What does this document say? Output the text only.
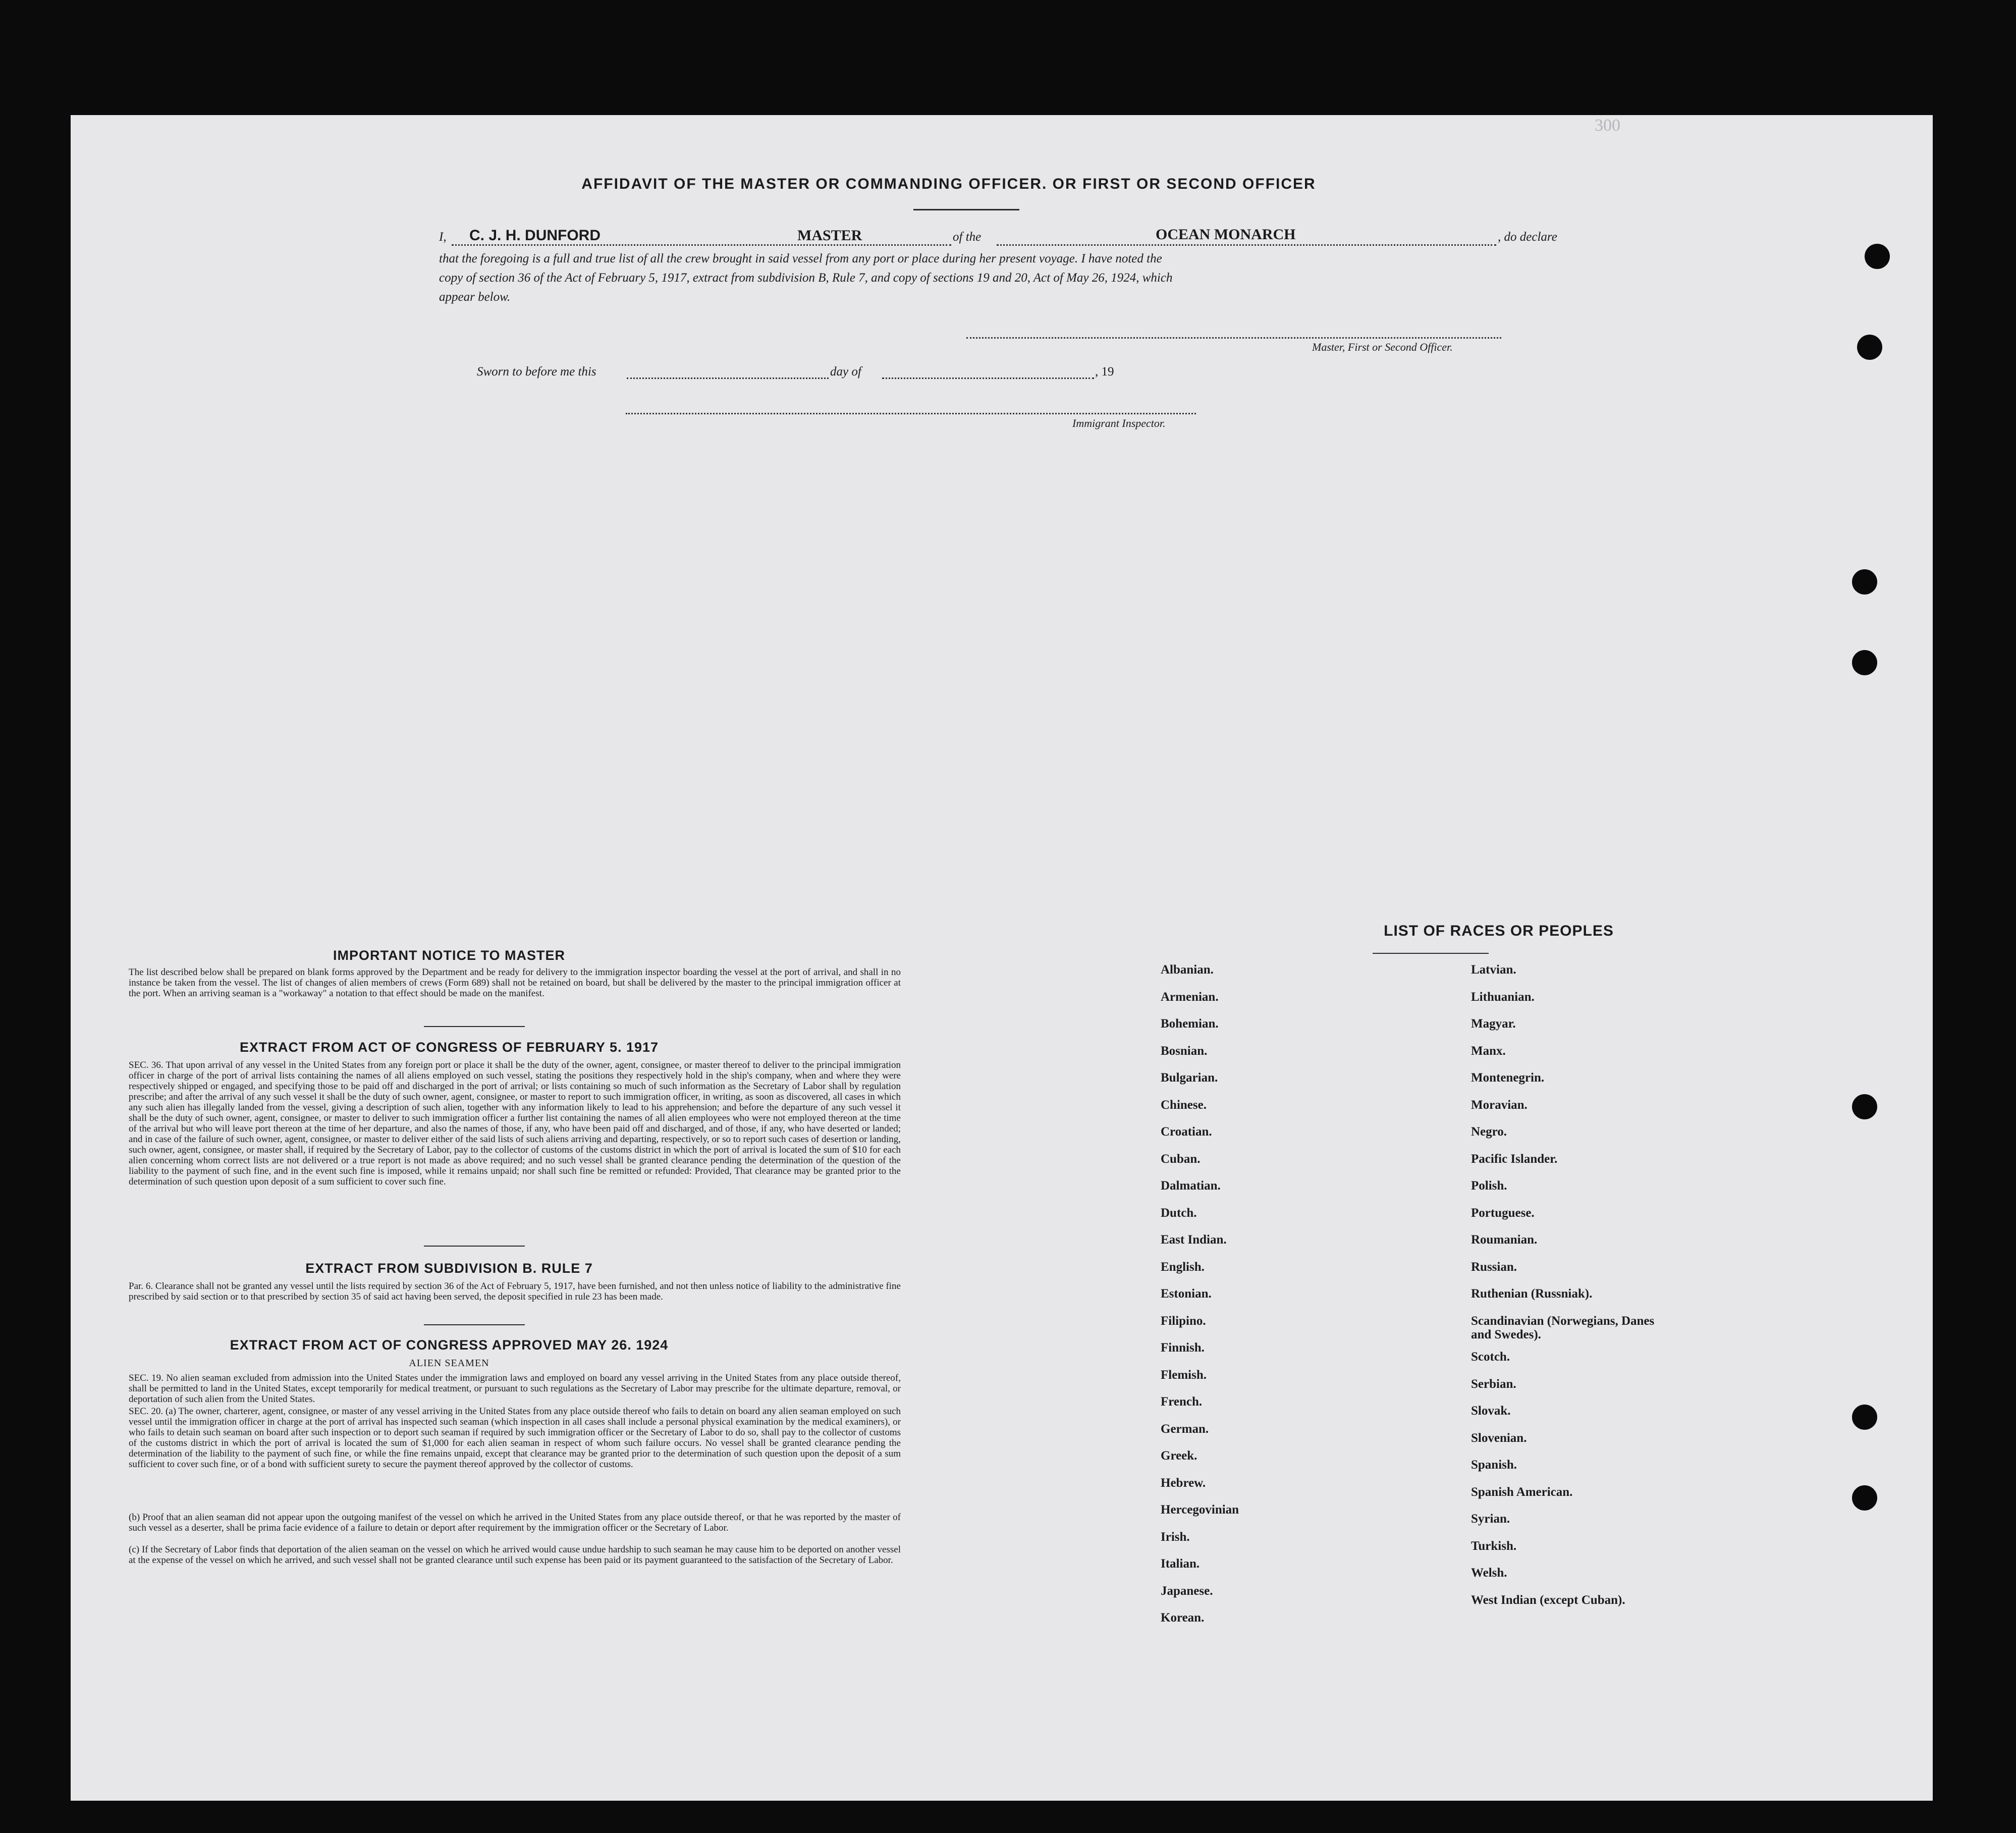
300
AFFIDAVIT OF THE MASTER OR COMMANDING OFFICER. OR FIRST OR SECOND OFFICER
I, C. J. H. DUNFORD	MASTER	of the	OCEAN MONARCH	, do declare
that the foregoing is a full and true list of all the crew brought in said vessel from any port or place during her present voyage. I have noted the
copy of section 36 of the Act of February 5, 1917, extract from subdivision B, Rule 7, and copy of sections 19 and 20, Act of May 26, 1924, which
appear below.
Master, First or Second Officer.
Sworn to before me this	day of	, 19
Immigrant Inspector.
IMPORTANT NOTICE TO MASTER
The list described below shall be prepared on blank forms approved by the Department and be ready for delivery to the immigration inspector boarding the vessel at the port of arrival, and shall in no instance be taken from the vessel. The list of changes of alien members of crews (Form 689) shall not be retained on board, but shall be delivered by the master to the principal immigration officer at the port. When an arriving seaman is a "workaway" a notation to that effect should be made on the manifest.
EXTRACT FROM ACT OF CONGRESS OF FEBRUARY 5. 1917
SEC. 36. That upon arrival of any vessel in the United States from any foreign port or place it shall be the duty of the owner, agent, consignee, or master thereof to deliver to the principal immigration officer in charge of the port of arrival lists containing the names of all aliens employed on such vessel, stating the positions they respectively hold in the ship's company, when and where they were respectively shipped or engaged, and specifying those to be paid off and discharged in the port of arrival; or lists containing so much of such information as the Secretary of Labor shall by regulation prescribe; and after the arrival of any such vessel it shall be the duty of such owner, agent, consignee, or master to report to such immigration officer, in writing, as soon as discovered, all cases in which any such alien has illegally landed from the vessel, giving a description of such alien, together with any information likely to lead to his apprehension; and before the departure of any such vessel it shall be the duty of such owner, agent, consignee, or master to deliver to such immigration officer a further list containing the names of all alien employees who were not employed thereon at the time of the arrival but who will leave port thereon at the time of her departure, and also the names of those, if any, who have been paid off and discharged, and of those, if any, who have deserted or landed; and in case of the failure of such owner, agent, consignee, or master to deliver either of the said lists of such aliens arriving and departing, respectively, or so to report such cases of desertion or landing, such owner, agent, consignee, or master shall, if required by the Secretary of Labor, pay to the collector of customs of the customs district in which the port of arrival is located the sum of $10 for each alien concerning whom correct lists are not delivered or a true report is not made as above required; and no such vessel shall be granted clearance pending the determination of the question of the liability to the payment of such fine, and in the event such fine is imposed, while it remains unpaid; nor shall such fine be remitted or refunded: Provided, That clearance may be granted prior to the determination of such question upon deposit of a sum sufficient to cover such fine.
EXTRACT FROM SUBDIVISION B. RULE 7
Par. 6. Clearance shall not be granted any vessel until the lists required by section 36 of the Act of February 5, 1917, have been furnished, and not then unless notice of liability to the administrative fine prescribed by said section or to that prescribed by section 35 of said act having been served, the deposit specified in rule 23 has been made.
EXTRACT FROM ACT OF CONGRESS APPROVED MAY 26. 1924
ALIEN SEAMEN
SEC. 19. No alien seaman excluded from admission into the United States under the immigration laws and employed on board any vessel arriving in the United States from any place outside thereof, shall be permitted to land in the United States, except temporarily for medical treatment, or pursuant to such regulations as the Secretary of Labor may prescribe for the ultimate departure, removal, or deportation of such alien from the United States.
SEC. 20. (a) The owner, charterer, agent, consignee, or master of any vessel arriving in the United States from any place outside thereof who fails to detain on board any alien seaman employed on such vessel until the immigration officer in charge at the port of arrival has inspected such seaman (which inspection in all cases shall include a personal physical examination by the medical examiners), or who fails to detain such seaman on board after such inspection or to deport such seaman if required by such immigration officer or the Secretary of Labor to do so, shall pay to the collector of customs of the customs district in which the port of arrival is located the sum of $1,000 for each alien seaman in respect of whom such failure occurs. No vessel shall be granted clearance pending the determination of the liability to the payment of such fine, or while the fine remains unpaid, except that clearance may be granted prior to the determination of such question upon the deposit of a sum sufficient to cover such fine, or of a bond with sufficient surety to secure the payment thereof approved by the collector of customs.
(b) Proof that an alien seaman did not appear upon the outgoing manifest of the vessel on which he arrived in the United States from any place outside thereof, or that he was reported by the master of such vessel as a deserter, shall be prima facie evidence of a failure to detain or deport after requirement by the immigration officer or the Secretary of Labor.
(c) If the Secretary of Labor finds that deportation of the alien seaman on the vessel on which he arrived would cause undue hardship to such seaman he may cause him to be deported on another vessel at the expense of the vessel on which he arrived, and such vessel shall not be granted clearance until such expense has been paid or its payment guaranteed to the satisfaction of the Secretary of Labor.
LIST OF RACES OR PEOPLES
Albanian.
Armenian.
Bohemian.
Bosnian.
Bulgarian.
Chinese.
Croatian.
Cuban.
Dalmatian.
Dutch.
East Indian.
English.
Estonian.
Filipino.
Finnish.
Flemish.
French.
German.
Greek.
Hebrew.
Hercegovinian
Irish.
Italian.
Japanese.
Korean.
Latvian.
Lithuanian.
Magyar.
Manx.
Montenegrin.
Moravian.
Negro.
Pacific Islander.
Polish.
Portuguese.
Roumanian.
Russian.
Ruthenian (Russniak).
Scandinavian (Norwegians, Danes and Swedes).
Scotch.
Serbian.
Slovak.
Slovenian.
Spanish.
Spanish American.
Syrian.
Turkish.
Welsh.
West Indian (except Cuban).
